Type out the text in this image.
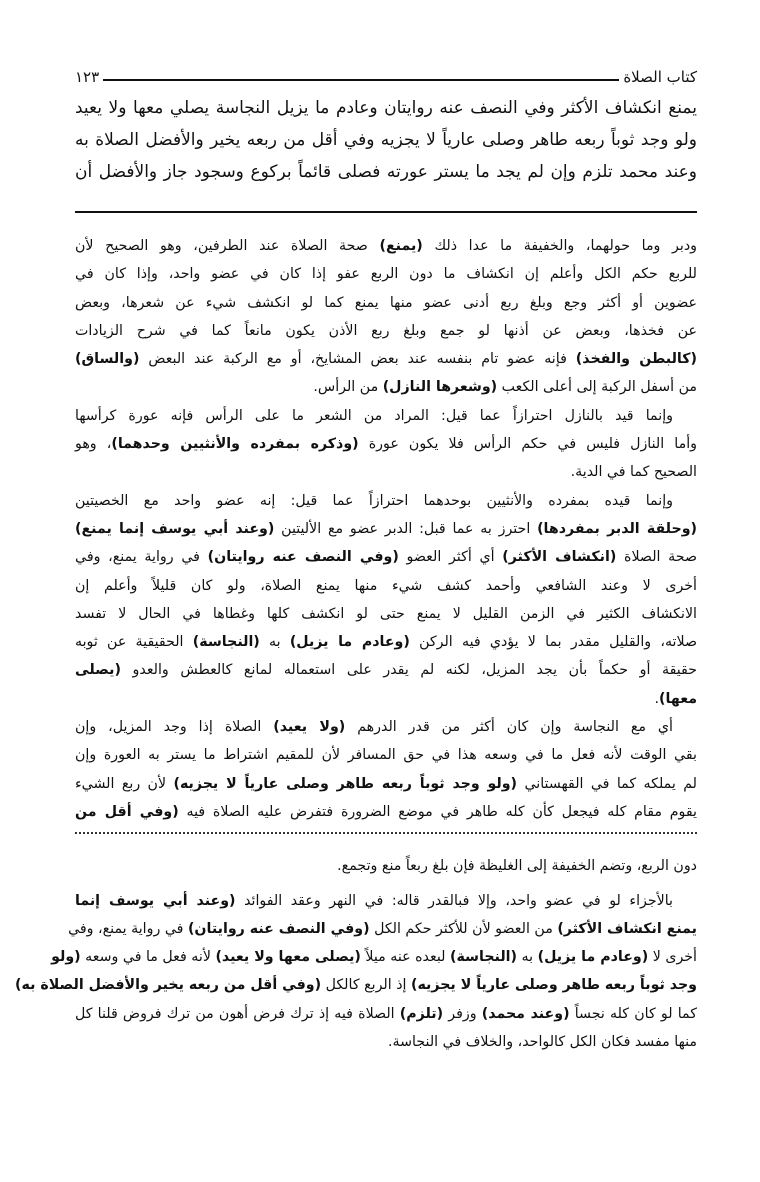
كتاب الصلاة
١٢٣
يمنع انكشاف الأكثر وفي النصف عنه روايتان وعادم ما يزيل النجاسة يصلي معها ولا يعيد
ولو وجد ثوباً ربعه طاهر وصلى عارياً لا يجزيه وفي أقل من ربعه يخير والأفضل الصلاة به
وعند محمد تلزم وإن لم يجد ما يستر عورته فصلى قائماً بركوع وسجود جاز والأفضل أن
ودبر وما حولهما، والخفيفة ما عدا ذلك (يمنع) صحة الصلاة عند الطرفين، وهو الصحيح لأن
للربع حكم الكل وأعلم إن انكشاف ما دون الربع عفو إذا كان في عضو واحد، وإذا كان في
عضوين أو أكثر وجع وبلغ ربع أدنى عضو منها يمنع كما لو انكشف شيء عن شعرها، وبعض
عن فخذها، وبعض عن أذنها لو جمع وبلغ ربع الأذن يكون مانعاً كما في شرح الزيادات
(كالبطن والفخذ) فإنه عضو تام بنفسه عند بعض المشايخ، أو مع الركبة عند البعض (والساق)
من أسفل الركبة إلى أعلى الكعب (وشعرها النازل) من الرأس.
وإنما قيد بالنازل احترازاً عما قيل: المراد من الشعر ما على الرأس فإنه عورة كرأسها
وأما النازل فليس في حكم الرأس فلا يكون عورة (وذكره بمفرده والأنثيين وحدهما)، وهو
الصحيح كما في الدية.
وإنما قيده بمفرده والأنثيين بوحدهما احترازاً عما قيل: إنه عضو واحد مع الخصيتين
(وحلقة الدبر بمفردها) احترز به عما قبل: الدبر عضو مع الأليتين (وعند أبي يوسف إنما يمنع)
صحة الصلاة (انكشاف الأكثر) أي أكثر العضو (وفي النصف عنه روايتان) في رواية يمنع، وفي
أخرى لا وعند الشافعي وأحمد كشف شيء منها يمنع الصلاة، ولو كان قليلاً وأعلم إن
الانكشاف الكثير في الزمن القليل لا يمنع حتى لو انكشف كلها وغطاها في الحال لا تفسد
صلاته، والقليل مقدر بما لا يؤدي فيه الركن (وعادم ما يزيل) به (النجاسة) الحقيقية عن ثوبه
حقيقة أو حكماً بأن يجد المزيل، لكنه لم يقدر على استعماله لمانع كالعطش والعدو (يصلى
معها).
أي مع النجاسة وإن كان أكثر من قدر الدرهم (ولا يعيد) الصلاة إذا وجد المزيل، وإن
بقي الوقت لأنه فعل ما في وسعه هذا في حق المسافر لأن للمقيم اشتراط ما يستر به العورة وإن
لم يملكه كما في القهستاني (ولو وجد ثوباً ربعه طاهر وصلى عارياً لا يجزيه) لأن ربع الشيء
يقوم مقام كله فيجعل كأن كله طاهر في موضع الضرورة فتفرض عليه الصلاة فيه (وفي أقل من
دون الربع، وتضم الخفيفة إلى الغليظة فإن بلغ ربعاً منع وتجمع.
بالأجزاء لو في عضو واحد، وإلا فبالقدر قاله: في النهر وعقد الفوائد (وعند أبي يوسف إنما
يمنع انكشاف الأكثر) من العضو لأن للأكثر حكم الكل (وفي النصف عنه روايتان) في رواية يمنع، وفي
أخرى لا (وعادم ما يزيل) به (النجاسة) لبعده عنه ميلاً (يصلى معها ولا يعيد) لأنه فعل ما في وسعه (ولو
وجد ثوباً ربعه طاهر وصلى عارياً لا يجزيه) إذ الربع كالكل (وفي أقل من ربعه يخير والأفضل الصلاة به)
كما لو كان كله نجساً (وعند محمد) وزفر (تلزم) الصلاة فيه إذ ترك فرض أهون من ترك فروض قلنا كل
منها مفسد فكان الكل كالواحد، والخلاف في النجاسة.
